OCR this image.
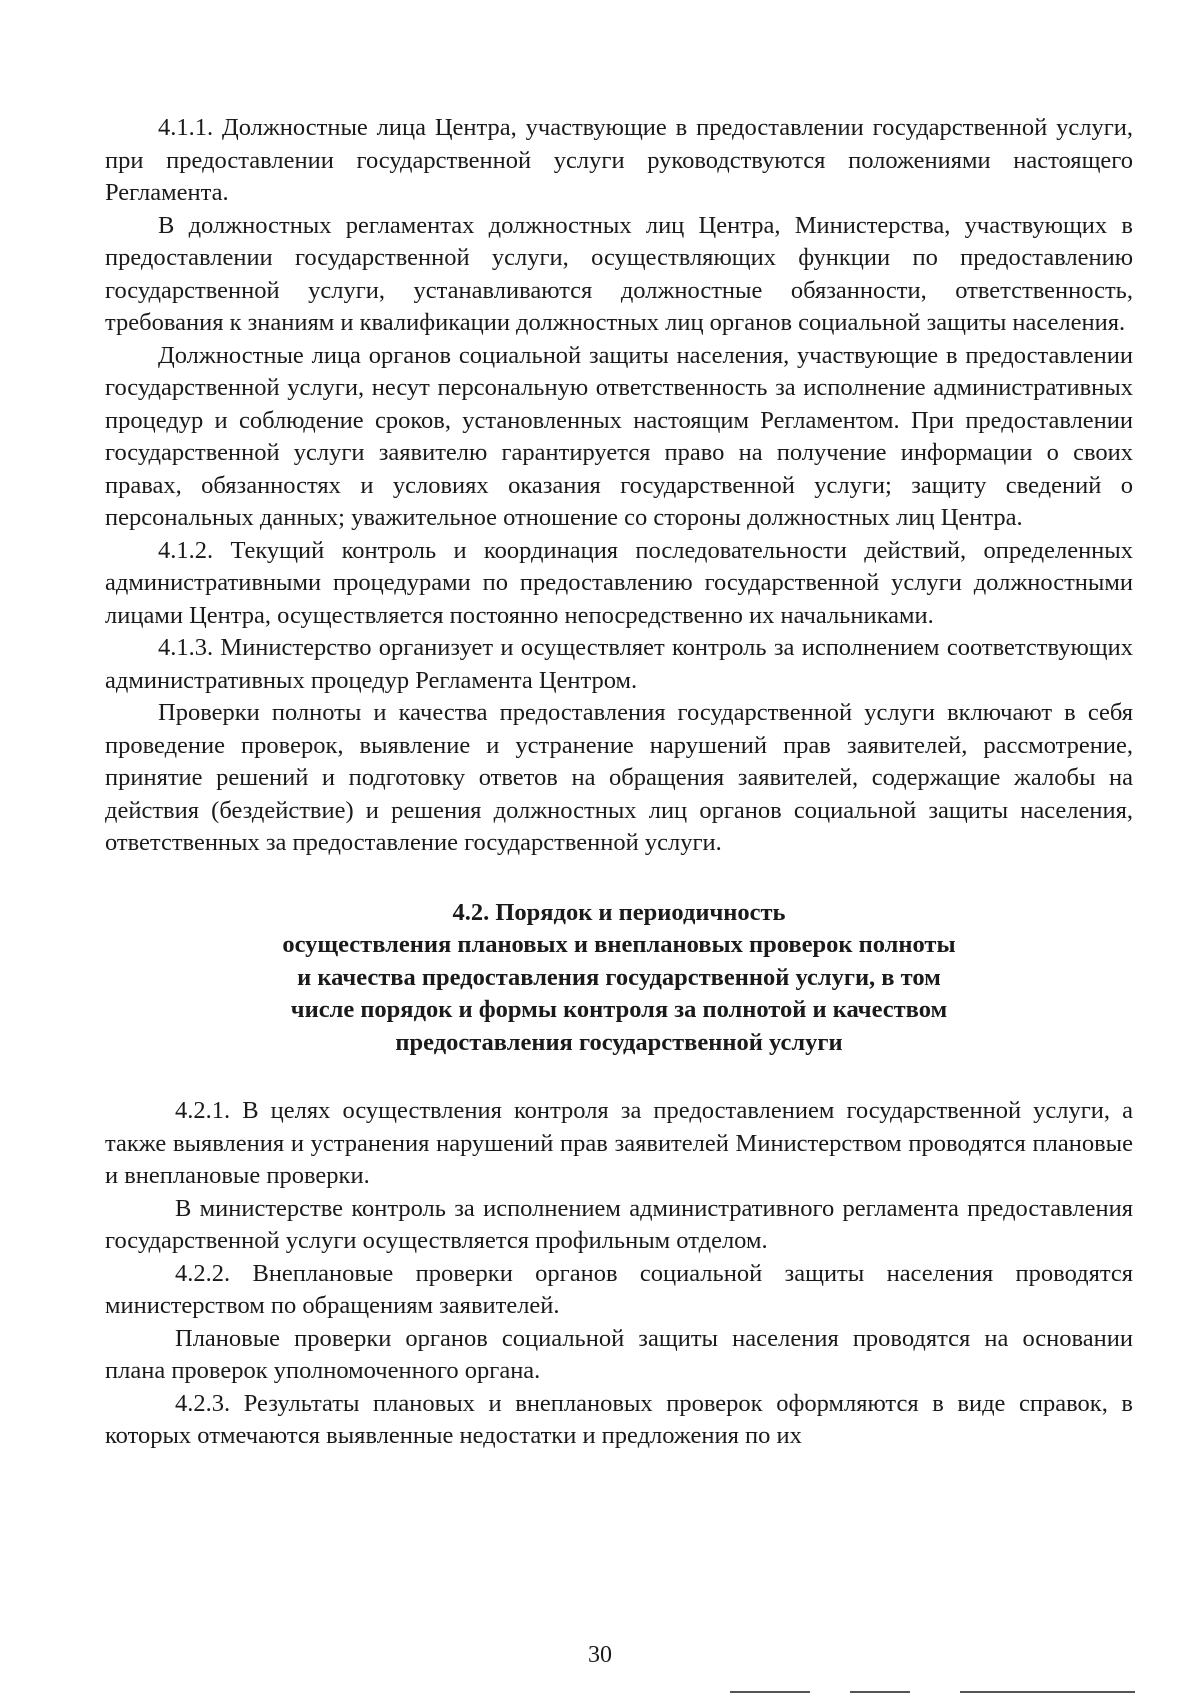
4.1.1. Должностные лица Центра, участвующие в предоставлении государственной услуги, при предоставлении государственной услуги руководствуются положениями настоящего Регламента.

В должностных регламентах должностных лиц Центра, Министерства, участвующих в предоставлении государственной услуги, осуществляющих функции по предоставлению государственной услуги, устанавливаются должностные обязанности, ответственность, требования к знаниям и квалификации должностных лиц органов социальной защиты населения.

Должностные лица органов социальной защиты населения, участвующие в предоставлении государственной услуги, несут персональную ответственность за исполнение административных процедур и соблюдение сроков, установленных настоящим Регламентом. При предоставлении государственной услуги заявителю гарантируется право на получение информации о своих правах, обязанностях и условиях оказания государственной услуги; защиту сведений о персональных данных; уважительное отношение со стороны должностных лиц Центра.

4.1.2. Текущий контроль и координация последовательности действий, определенных административными процедурами по предоставлению государственной услуги должностными лицами Центра, осуществляется постоянно непосредственно их начальниками.

4.1.3. Министерство организует и осуществляет контроль за исполнением соответствующих административных процедур Регламента Центром.

Проверки полноты и качества предоставления государственной услуги включают в себя проведение проверок, выявление и устранение нарушений прав заявителей, рассмотрение, принятие решений и подготовку ответов на обращения заявителей, содержащие жалобы на действия (бездействие) и решения должностных лиц органов социальной защиты населения, ответственных за предоставление государственной услуги.

4.2. Порядок и периодичность
осуществления плановых и внеплановых проверок полноты
и качества предоставления государственной услуги, в том
числе порядок и формы контроля за полнотой и качеством
предоставления государственной услуги

4.2.1. В целях осуществления контроля за предоставлением государственной услуги, а также выявления и устранения нарушений прав заявителей Министерством проводятся плановые и внеплановые проверки.

В министерстве контроль за исполнением административного регламента предоставления государственной услуги осуществляется профильным отделом.

4.2.2. Внеплановые проверки органов социальной защиты населения проводятся министерством по обращениям заявителей.

Плановые проверки органов социальной защиты населения проводятся на основании плана проверок уполномоченного органа.

4.2.3. Результаты плановых и внеплановых проверок оформляются в виде справок, в которых отмечаются выявленные недостатки и предложения по их

30
